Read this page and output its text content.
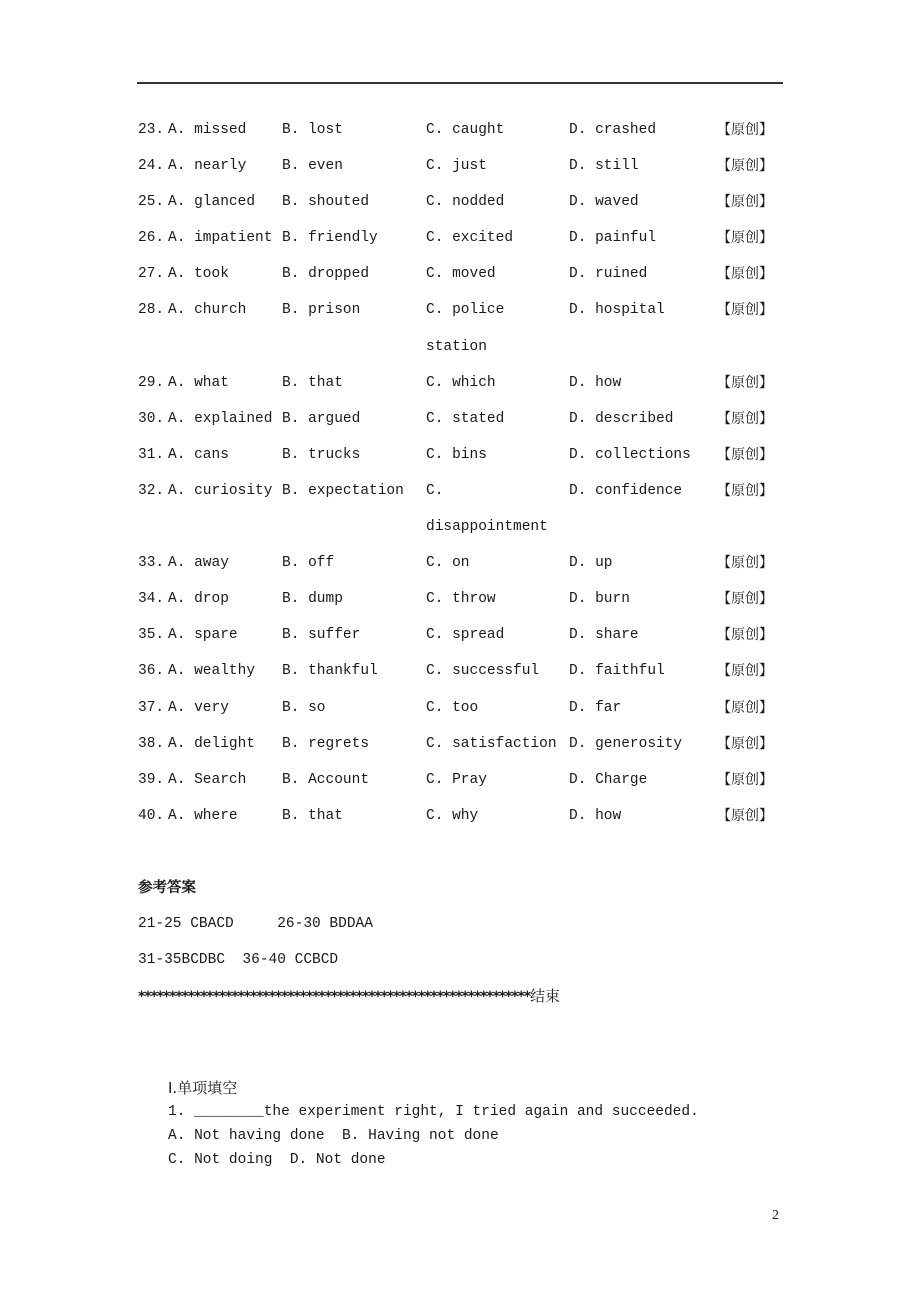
23. A. missed B. lost	C. caught	D. crashed	【原创】
24. A. nearly B. even	C. just	D. still	【原创】
25. A. glanced B. shouted	C. nodded	D. waved	【原创】
26. A. impatient B. friendly	C. excited	D. painful	【原创】
27. A. took	B. dropped	C. moved	D. ruined	【原创】
28. A. church B. prison	C. police	D. hospital	【原创】
station
29. A. what	B. that	C. which	D. how	【原创】
30. A. explained B. argued	C. stated	D. described	【原创】
31. A. cans	B. trucks	C. bins	D. collections 【原创】
32. A. curiosity B. expectation C.	D. confidence 【原创】
disappointment
33. A. away	B. off	C. on	D. up	【原创】
34. A. drop	B. dump	C. throw	D. burn	【原创】
35. A. spare	B. suffer	C. spread	D. share	【原创】
36. A. wealthy B. thankful	C. successful D. faithful	【原创】
37. A. very	B. so	C. too	D. far	【原创】
38. A. delight B. regrets	C. satisfaction D. generosity 【原创】
39. A. Search B. Account	C. Pray	D. Charge	【原创】
40. A. where	B. that	C. why	D. how	【原创】
参考答案
21-25 CBACD     26-30 BDDAA
31-35BCDBC  36-40 CCBCD
***************************************************************结束
Ⅰ.单项填空
1. ________the experiment right, I tried again and succeeded.
A. Not having done  B. Having not done
C. Not doing  D. Not done
2
